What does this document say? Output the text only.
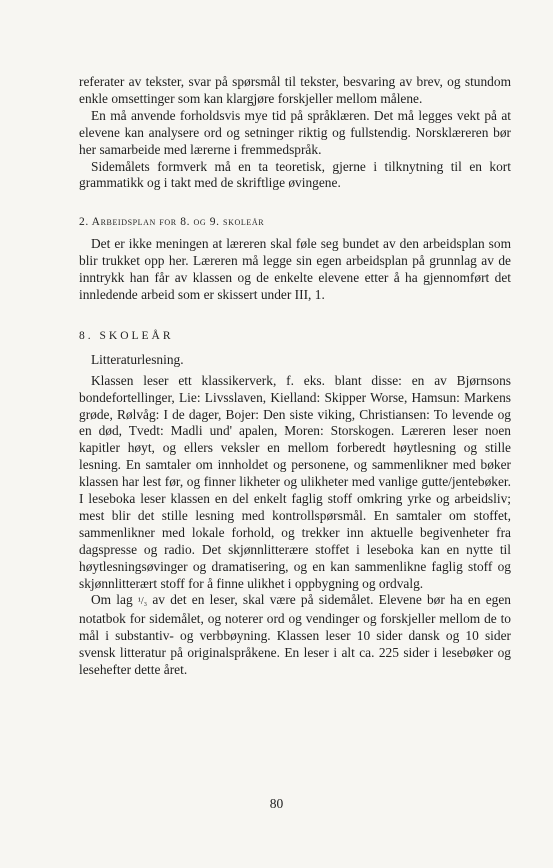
referater av tekster, svar på spørsmål til tekster, besvaring av brev, og stundom enkle omsettinger som kan klargjøre forskjeller mellom målene.

En må anvende forholdsvis mye tid på språklæren. Det må legges vekt på at elevene kan analysere ord og setninger riktig og fullstendig. Norsklæreren bør her samarbeide med lærerne i fremmedspråk.

Sidemålets formverk må en ta teoretisk, gjerne i tilknytning til en kort grammatikk og i takt med de skriftlige øvingene.

2. Arbeidsplan for 8. og 9. skoleår

Det er ikke meningen at læreren skal føle seg bundet av den arbeidsplan som blir trukket opp her. Læreren må legge sin egen arbeidsplan på grunnlag av de inntrykk han får av klassen og de enkelte elevene etter å ha gjennomført det innledende arbeid som er skissert under III, 1.

8. SKOLEÅR

Litteraturlesning.

Klassen leser ett klassikerverk, f. eks. blant disse: en av Bjørnsons bondefortellinger, Lie: Livsslaven, Kielland: Skipper Worse, Hamsun: Markens grøde, Rølvåg: I de dager, Bojer: Den siste viking, Christiansen: To levende og en død, Tvedt: Madli und' apalen, Moren: Storskogen. Læreren leser noen kapitler høyt, og ellers veksler en mellom forberedt høytlesning og stille lesning. En samtaler om innholdet og personene, og sammenlikner med bøker klassen har lest før, og finner likheter og ulikheter med vanlige gutte/jentebøker. I leseboka leser klassen en del enkelt faglig stoff omkring yrke og arbeidsliv; mest blir det stille lesning med kontrollspørsmål. En samtaler om stoffet, sammenlikner med lokale forhold, og trekker inn aktuelle begivenheter fra dagspresse og radio. Det skjønnlitterære stoffet i leseboka kan en nytte til høytlesningsøvinger og dramatisering, og en kan sammenlikne faglig stoff og skjønnlitterært stoff for å finne ulikhet i oppbygning og ordvalg.

Om lag ¹/₃ av det en leser, skal være på sidemålet. Elevene bør ha en egen notatbok for sidemålet, og noterer ord og vendinger og forskjeller mellom de to mål i substantiv- og verbbøyning. Klassen leser 10 sider dansk og 10 sider svensk litteratur på originalspråkene. En leser i alt ca. 225 sider i lesebøker og lesehefter dette året.

80
